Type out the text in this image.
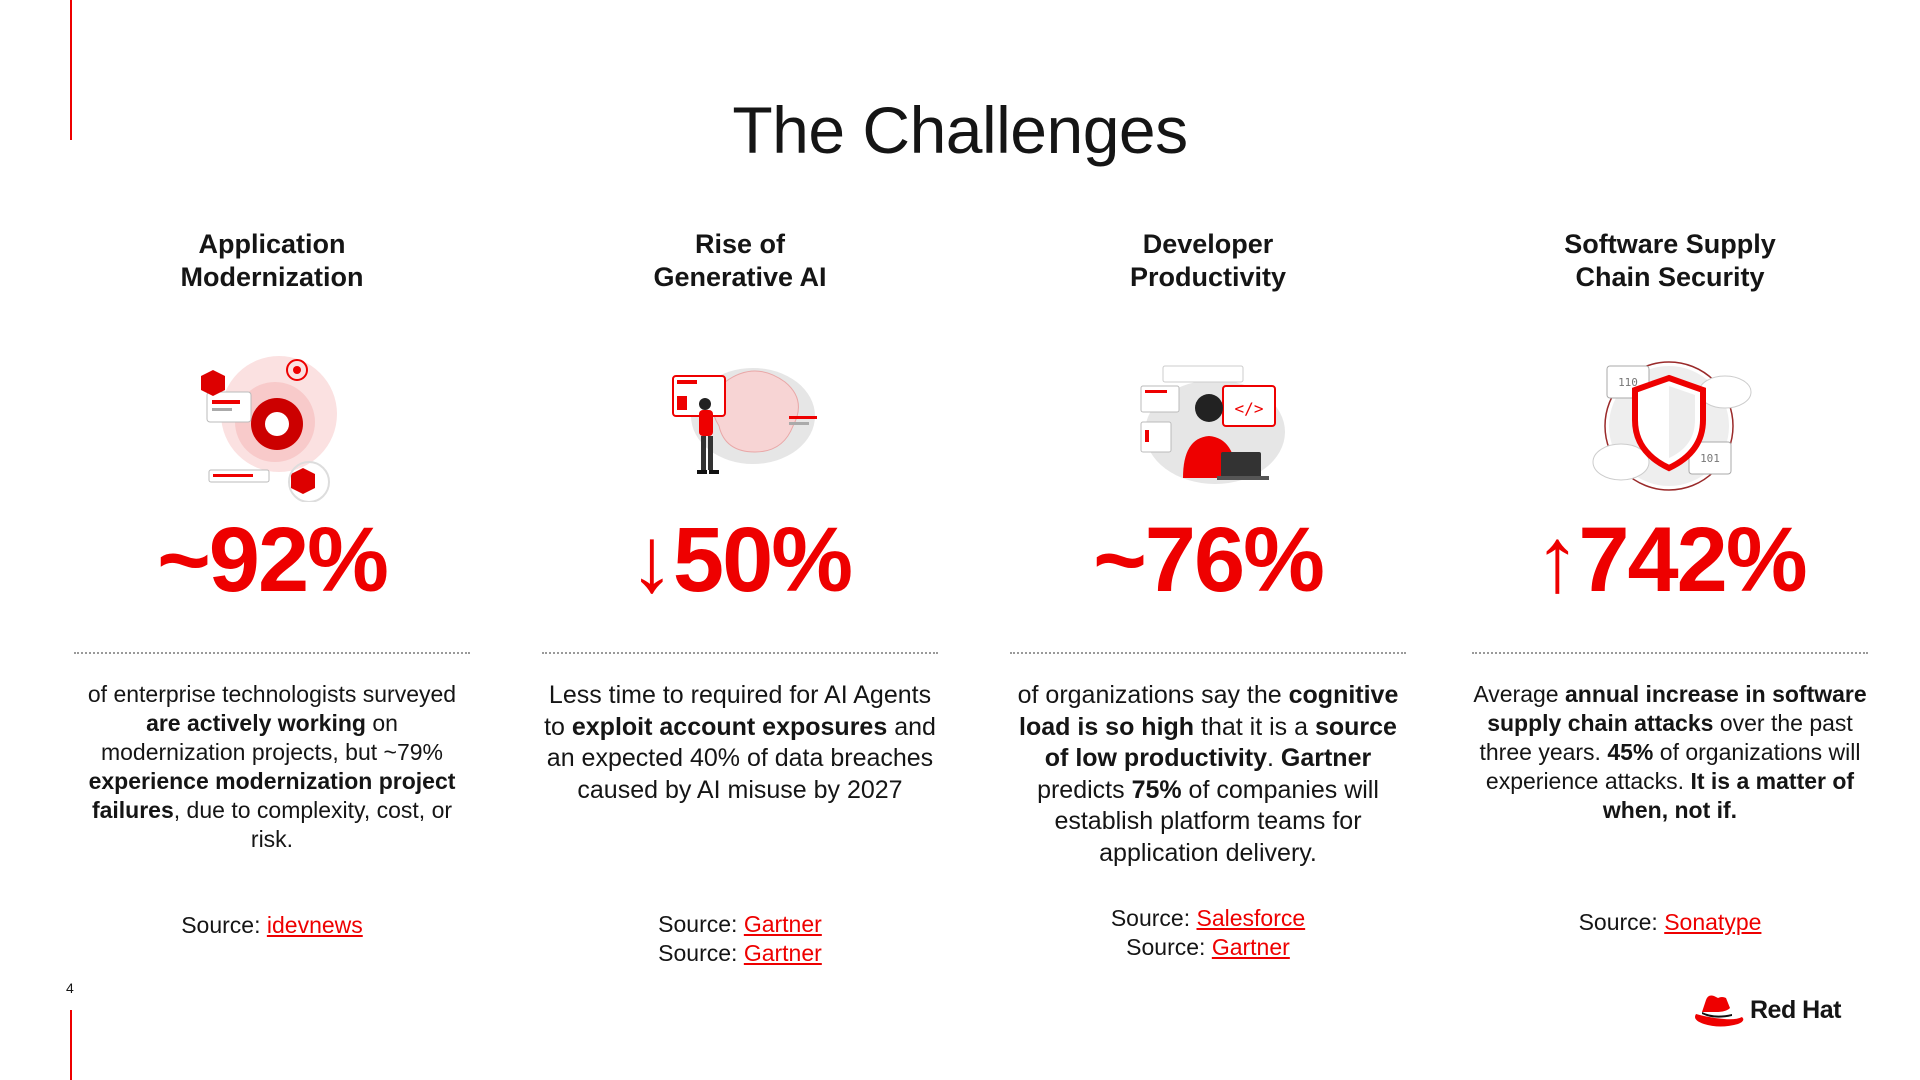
The Challenges
Application
Modernization
~92%
of enterprise technologists surveyed are actively working on modernization projects, but ~79% experience modernization project failures, due to complexity, cost, or risk.
Rise of
Generative AI
↓50%
Less time to required for AI Agents to exploit account exposures and an expected 40% of data breaches caused by AI misuse by 2027
Developer
Productivity
</>
~76%
of organizations say the cognitive load is so high that it is a source of low productivity. Gartner predicts 75% of companies will establish platform teams for application delivery.
Software Supply
Chain Security
110
101
↑742%
Average annual increase in software supply chain attacks over the past three years. 45% of organizations will experience attacks. It is a matter of when, not if.
Source: idevnews	Source: Gartner
Source: Gartner
Source: Salesforce
Source: Gartner
Source: Sonatype
4
Red Hat
